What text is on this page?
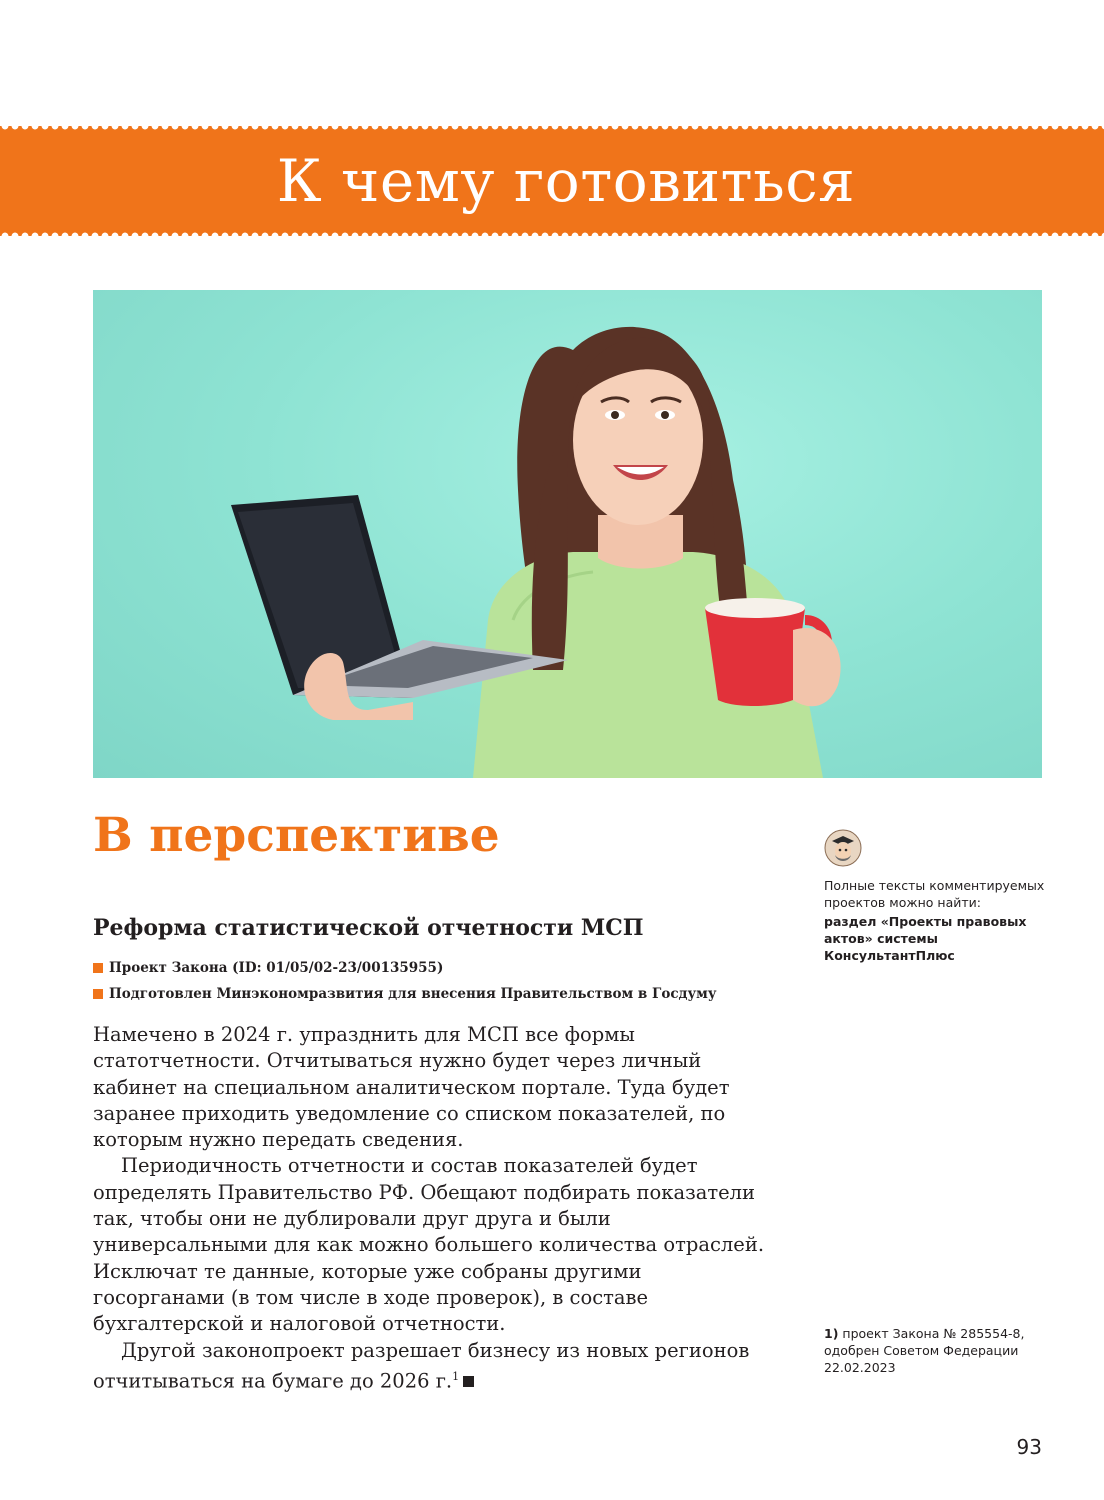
К чему готовиться
В перспективе
Реформа статистической отчетности МСП
Проект Закона (ID: 01/05/02-23/00135955)
Подготовлен Минэкономразвития для внесения Правительством в Госдуму

Намечено в 2024 г. упразднить для МСП все формы статотчетности. Отчитываться нужно будет через личный кабинет на специальном аналитическом портале. Туда будет заранее приходить уведомление со списком показателей, по которым нужно передать сведения.

Периодичность отчетности и состав показателей будет определять Правительство РФ. Обещают подбирать показатели так, чтобы они не дублировали друг друга и были универсальными для как можно большего количества отраслей. Исключат те данные, которые уже собраны другими госорганами (в том числе в ходе проверок), в составе бухгалтерской и налоговой отчетности.

Другой законопроект разрешает бизнесу из новых регионов отчитываться на бумаге до 2026 г.$^1$

Полные тексты комментируемых проектов можно найти:
раздел «Проекты правовых актов» системы КонсультантПлюс
1) проект Закона № 285554-8, одобрен Советом Федерации 22.02.2023
93
